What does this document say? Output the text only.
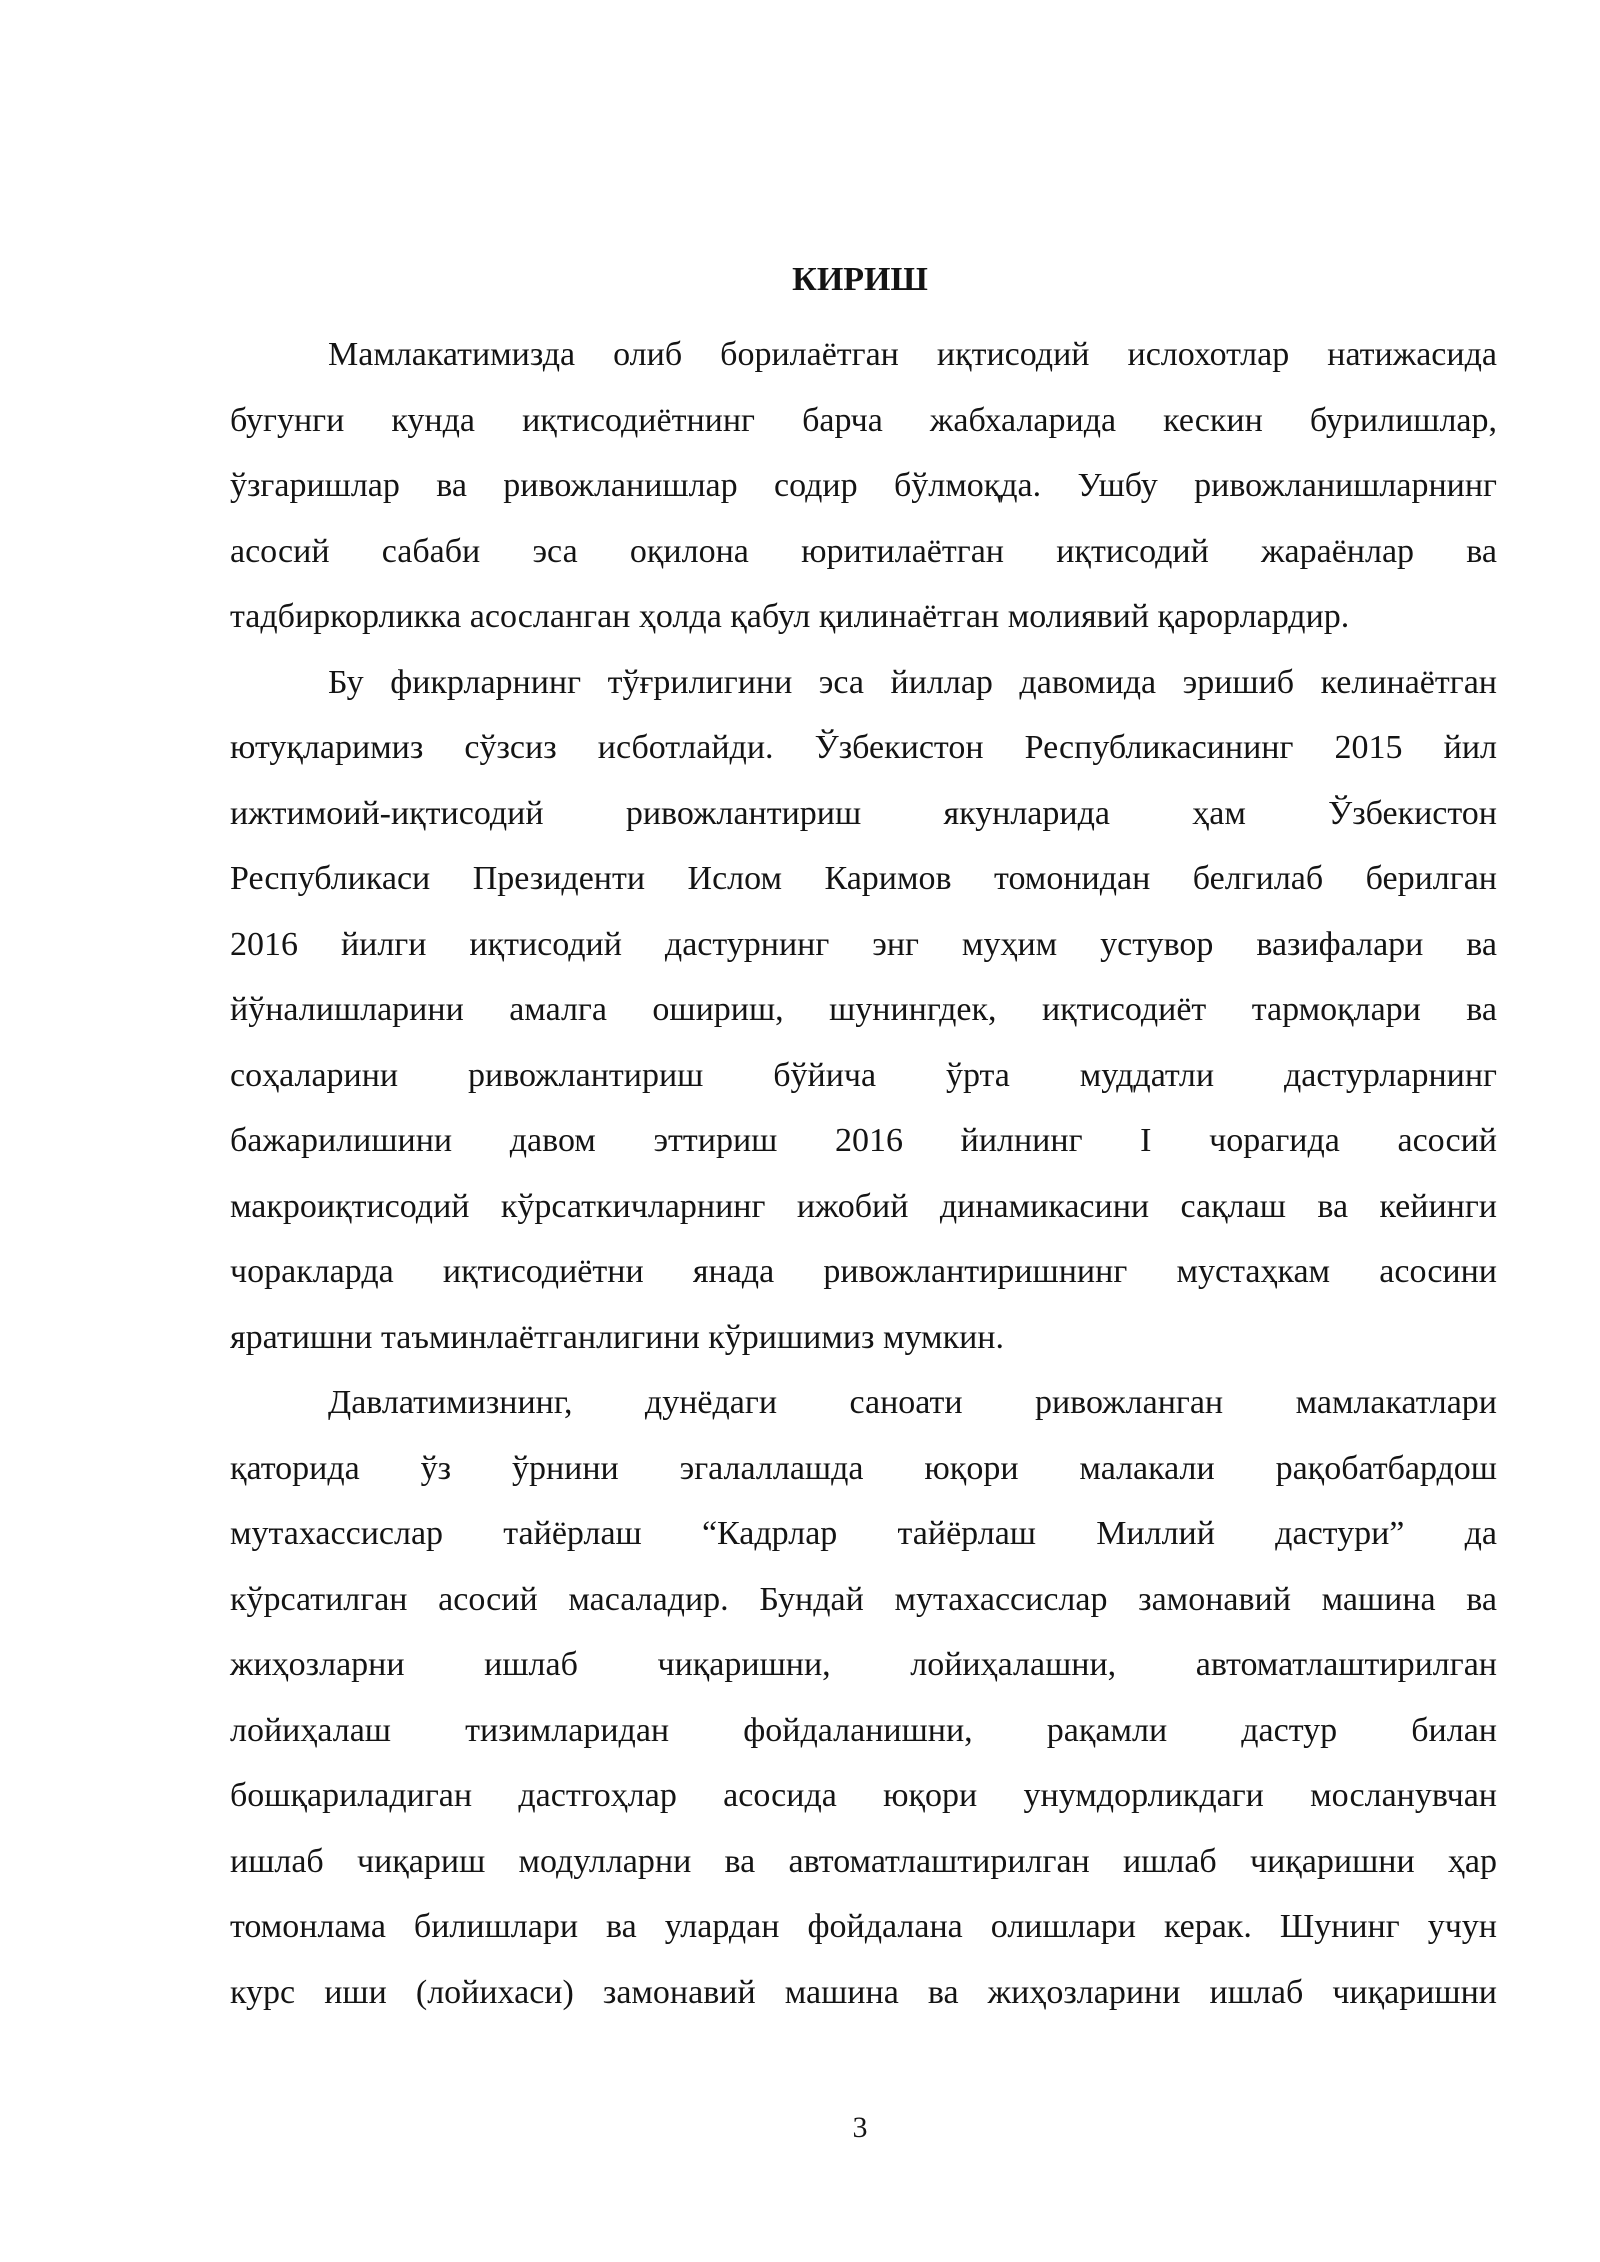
КИРИШ
Мамлакатимизда олиб борилаётган иқтисодий ислохотлар натижасида
бугунги кунда иқтисодиётнинг барча жабхаларида кескин бурилишлар,
ўзгаришлар ва ривожланишлар содир бўлмоқда. Ушбу ривожланишларнинг
асосий сабаби эса оқилона юритилаётган иқтисодий жараёнлар ва
тадбиркорликка асосланган ҳолда қабул қилинаётган молиявий қарорлардир.
Бу фикрларнинг тўғрилигини эса йиллар давомида эришиб келинаётган
ютуқларимиз сўзсиз исботлайди. Ўзбекистон Республикасининг 2015 йил
ижтимоий-иқтисодий ривожлантириш якунларида ҳам Ўзбекистон
Республикаси Президенти Ислом Каримов томонидан белгилаб берилган
2016 йилги иқтисодий дастурнинг энг муҳим устувор вазифалари ва
йўналишларини амалга ошириш, шунингдек, иқтисодиёт тармоқлари ва
соҳаларини ривожлантириш бўйича ўрта муддатли дастурларнинг
бажарилишини давом эттириш 2016 йилнинг I чорагида асосий
макроиқтисодий кўрсаткичларнинг ижобий динамикасини сақлаш ва кейинги
чоракларда иқтисодиётни янада ривожлантиришнинг мустаҳкам асосини
яратишни таъминлаётганлигини кўришимиз мумкин.
Давлатимизнинг, дунёдаги саноати ривожланган мамлакатлари
қаторида ўз ўрнини эгалаллашда юқори малакали рақобатбардош
мутахассислар тайёрлаш “Кадрлар тайёрлаш Миллий дастури” да
кўрсатилган асосий масаладир. Бундай мутахассислар замонавий машина ва
жиҳозларни ишлаб чиқаришни, лойиҳалашни, автоматлаштирилган
лойиҳалаш тизимларидан фойдаланишни, рақамли дастур билан
бошқариладиган дастгоҳлар асосида юқори унумдорликдаги мосланувчан
ишлаб чиқариш модулларни ва автоматлаштирилган ишлаб чиқаришни ҳар
томонлама билишлари ва улардан фойдалана олишлари керак. Шунинг учун
курс иши (лойихаси) замонавий машина ва жиҳозларини ишлаб чиқаришни
3
